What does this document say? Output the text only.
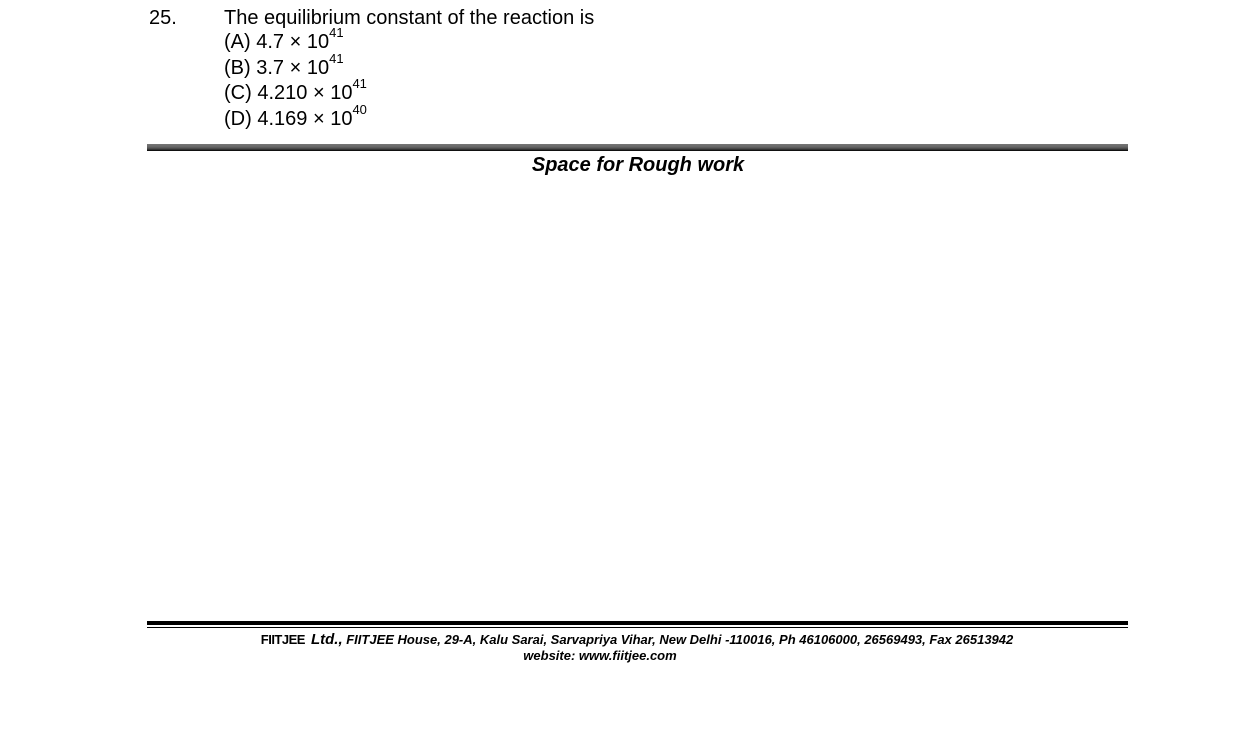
25. The equilibrium constant of the reaction is
(A) $4.7 \times 10^{41}$
(B) $3.7 \times 10^{41}$
(C) $4.210 \times 10^{41}$
(D) $4.169 \times 10^{40}$
Space for Rough work
FIITJEE Ltd., FIITJEE House, 29-A, Kalu Sarai, Sarvapriya Vihar, New Delhi -110016, Ph 46106000, 26569493, Fax 26513942
website: www.fiitjee.com
